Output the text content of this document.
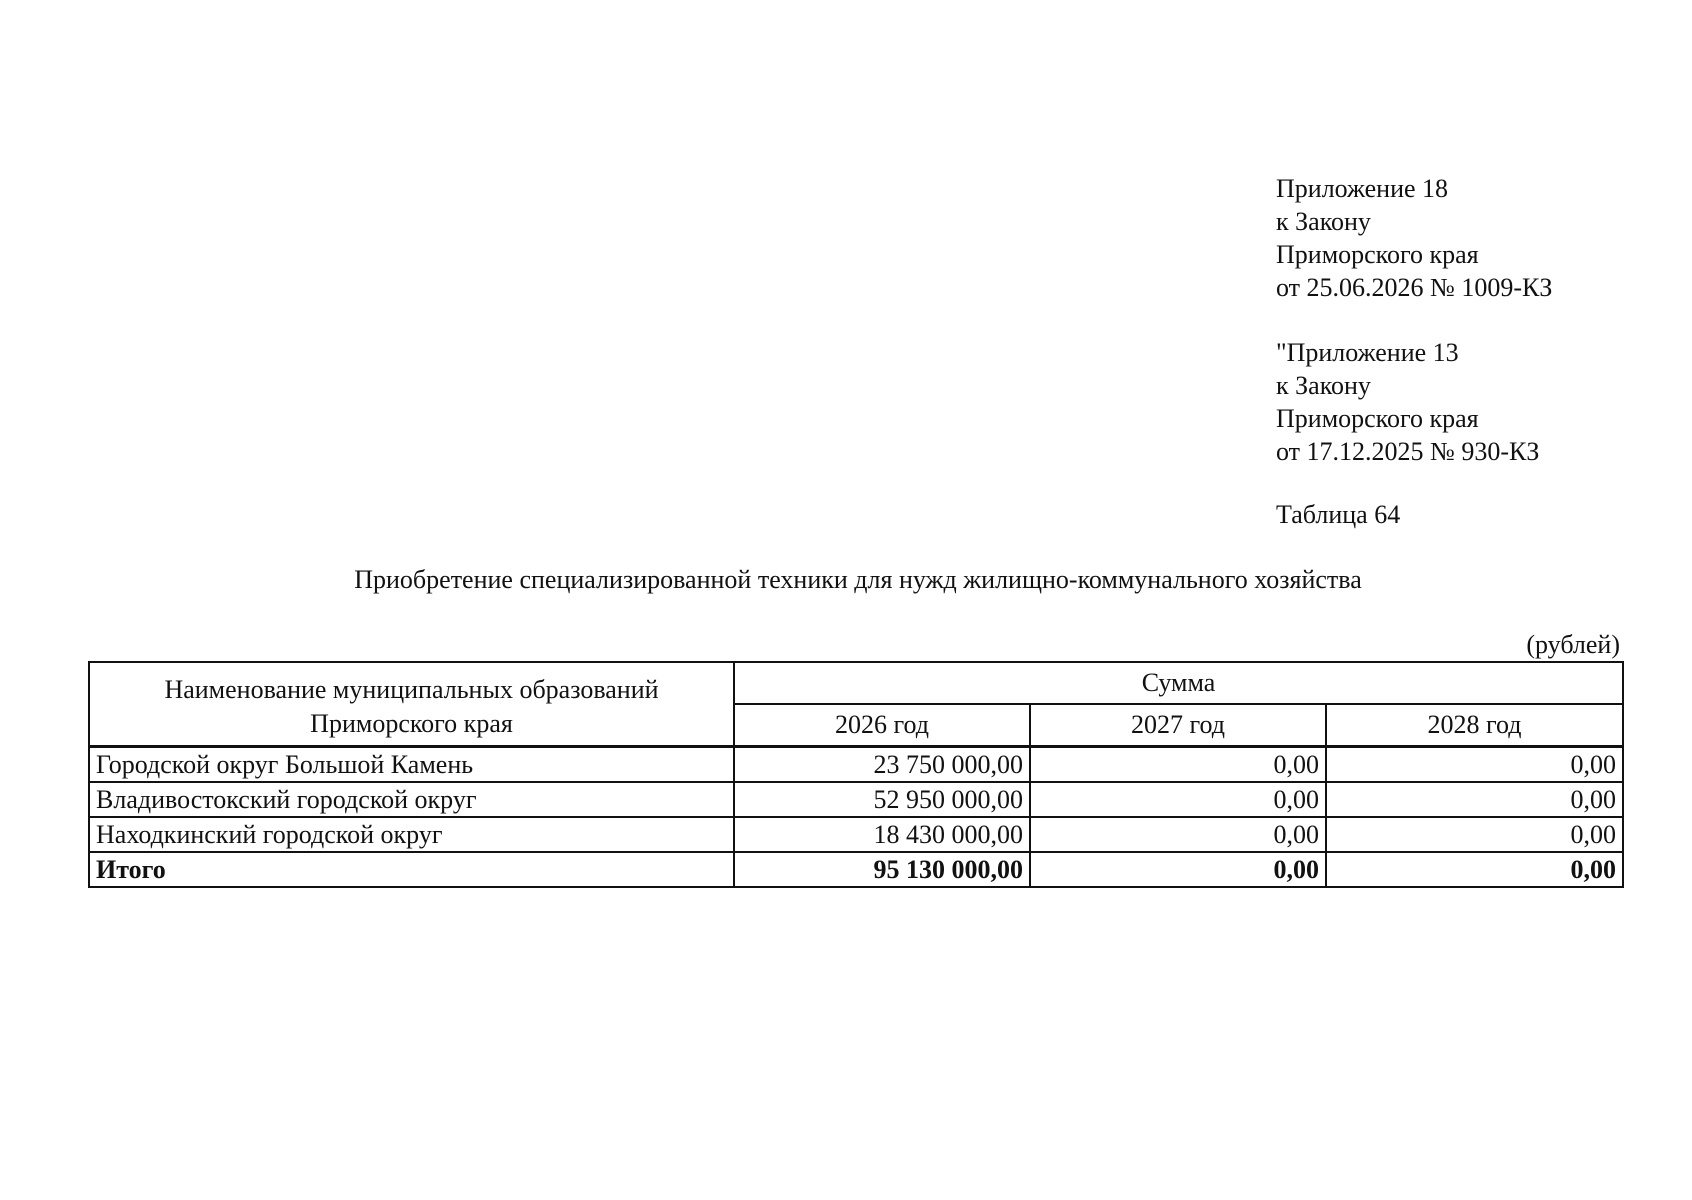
Приложение 18
к Закону
Приморского края
от 25.06.2026 № 1009-КЗ
"Приложение 13
к Закону
Приморского края
от 17.12.2025 № 930-КЗ
Таблица 64
Приобретение специализированной техники для нужд жилищно-коммунального хозяйства
(рублей)
Наименование муниципальных образований Приморского края	Сумма		
	2026 год	2027 год	2028 год
Городской округ Большой Камень	23 750 000,00	0,00	0,00
Владивостокский городской округ	52 950 000,00	0,00	0,00
Находкинский городской округ	18 430 000,00	0,00	0,00
Итого	95 130 000,00	0,00	0,00
